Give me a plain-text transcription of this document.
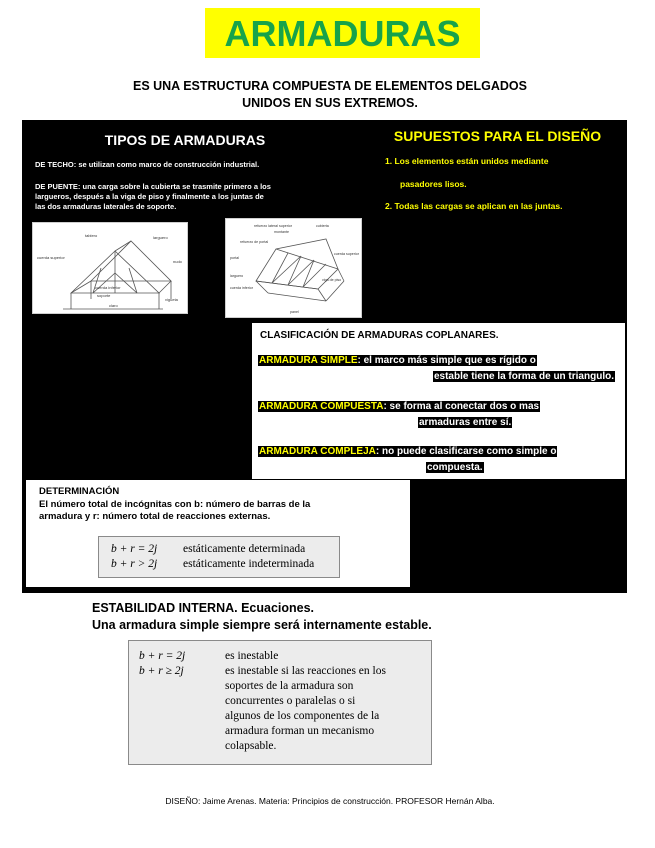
ARMADURAS
ES UNA ESTRUCTURA COMPUESTA DE ELEMENTOS DELGADOS
UNIDOS EN SUS EXTREMOS.
TIPOS DE ARMADURAS
DE TECHO: se utilizan como marco de construcción industrial.
DE PUENTE: una carga sobre la cubierta se trasmite primero a los
largueros, después a la viga de piso y finalmente a los juntas de
las dos armaduras laterales de soporte.
tablero	larguero
cuerda superior
cuerda inferior
soporte
claro
nudo
vigueta
refuerzo lateral superior
montante
cubierta
portal
larguero
cuerda inferior
viga de piso
panel
cuerda superior
refuerzo de portal
SUPUESTOS PARA EL DISEÑO
1. Los elementos están unidos mediante
pasadores lisos.
2. Todas las cargas se aplican en las juntas.
CLASIFICACIÓN DE ARMADURAS COPLANARES.
ARMADURA SIMPLE: el marco más simple que es rígido o
estable tiene la forma de un triangulo.
ARMADURA COMPUESTA: se forma al conectar dos o mas
armaduras entre sí.
ARMADURA COMPLEJA: no puede clasificarse como simple o
compuesta.
DETERMINACIÓN
El número total de incógnitas con b: número de barras de la
armadura y r: número total de reacciones externas.
b + r = 2j estáticamente determinada
b + r > 2j estáticamente indeterminada
ESTABILIDAD INTERNA. Ecuaciones.
Una armadura simple siempre será internamente estable.
b + r = 2j	es inestable
b + r ≥ 2j	es inestable si las reacciones en los
soportes de la armadura son
concurrentes o paralelas o si
algunos de los componentes de la
armadura forman un mecanismo
colapsable.
DISEÑO: Jaime Arenas. Materia: Principios de construcción. PROFESOR Hernán Alba.
